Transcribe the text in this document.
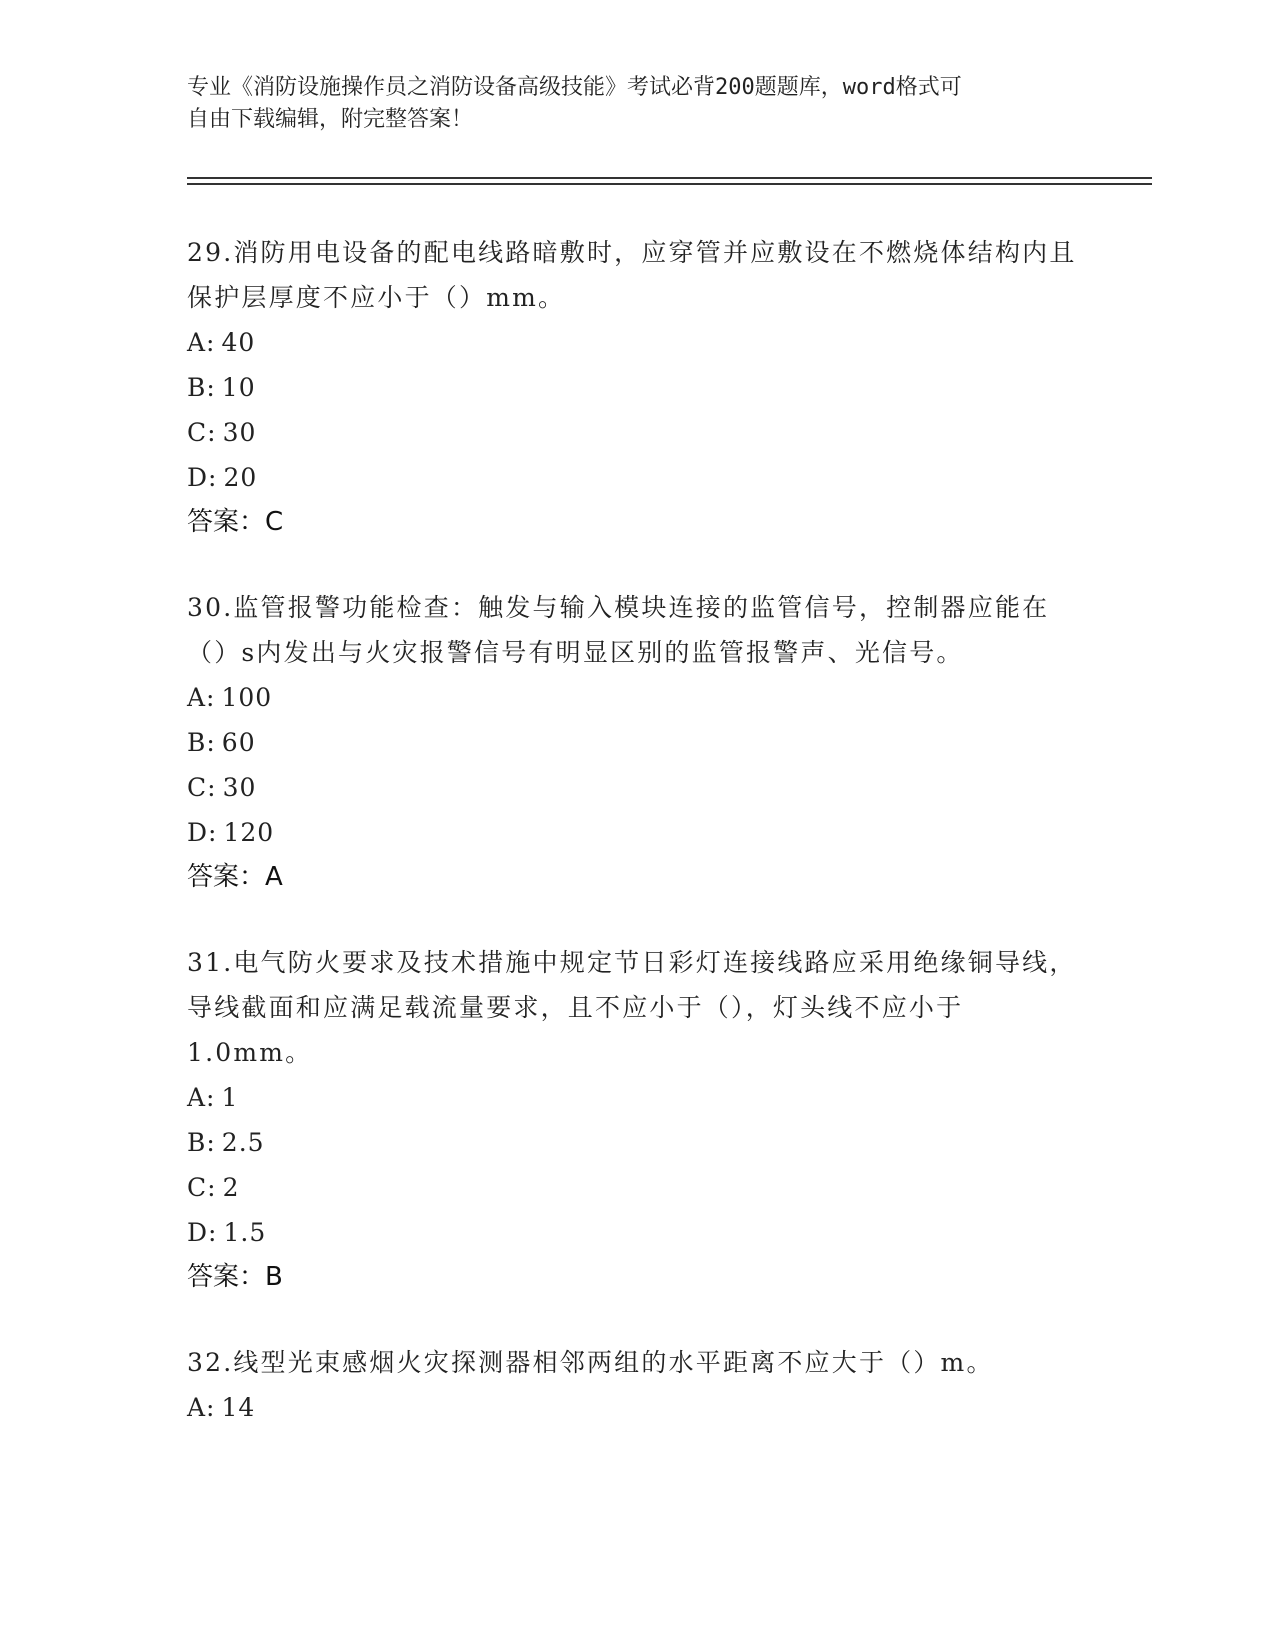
专业《消防设施操作员之消防设备高级技能》考试必背200题题库，word格式可
自由下载编辑，附完整答案！

29.消防用电设备的配电线路暗敷时，应穿管并应敷设在不燃烧体结构内且保护层厚度不应小于（）mm。

A: 40
B: 10
C: 30
D: 20
答案：C

30.监管报警功能检查：触发与输入模块连接的监管信号，控制器应能在（）s内发出与火灾报警信号有明显区别的监管报警声、光信号。

A: 100
B: 60
C: 30
D: 120
答案：A

31.电气防火要求及技术措施中规定节日彩灯连接线路应采用绝缘铜导线，导线截面和应满足载流量要求，且不应小于（），灯头线不应小于1.0mm。

A: 1
B: 2.5
C: 2
D: 1.5
答案：B

32.线型光束感烟火灾探测器相邻两组的水平距离不应大于（）m。

A: 14
